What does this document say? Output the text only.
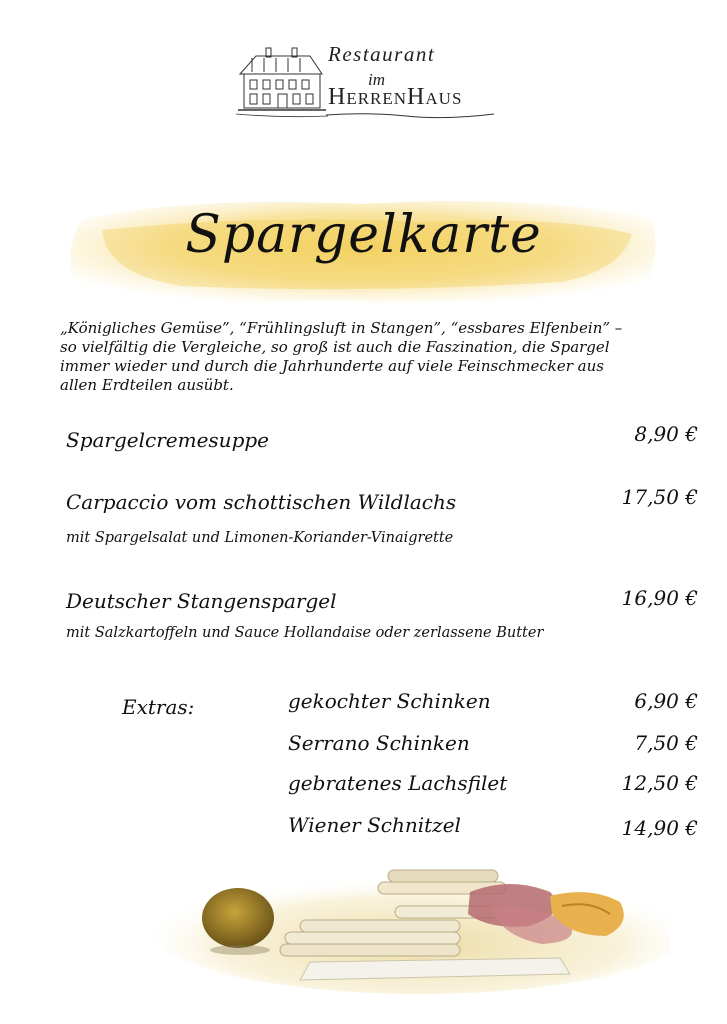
Restaurant
im
HerrenHaus
Spargelkarte
„Königliches Gemüse”, “Frühlingsluft in Stangen”, “essbares Elfenbein” –
so vielfältig die Vergleiche, so groß ist auch die Faszination, die Spargel
immer wieder und durch die Jahrhunderte auf viele Feinschmecker aus
allen Erdteilen ausübt.
Spargelcremesuppe	8,90 €
Carpaccio vom schottischen Wildlachs	17,50 €
mit Spargelsalat und Limonen-Koriander-Vinaigrette
Deutscher Stangenspargel	16,90 €
mit Salzkartoffeln und Sauce Hollandaise oder zerlassene Butter
Extras:	gekochter Schinken	6,90 €
Serrano Schinken	7,50 €
gebratenes Lachsfilet	12,50 €
Wiener Schnitzel	14,90 €
